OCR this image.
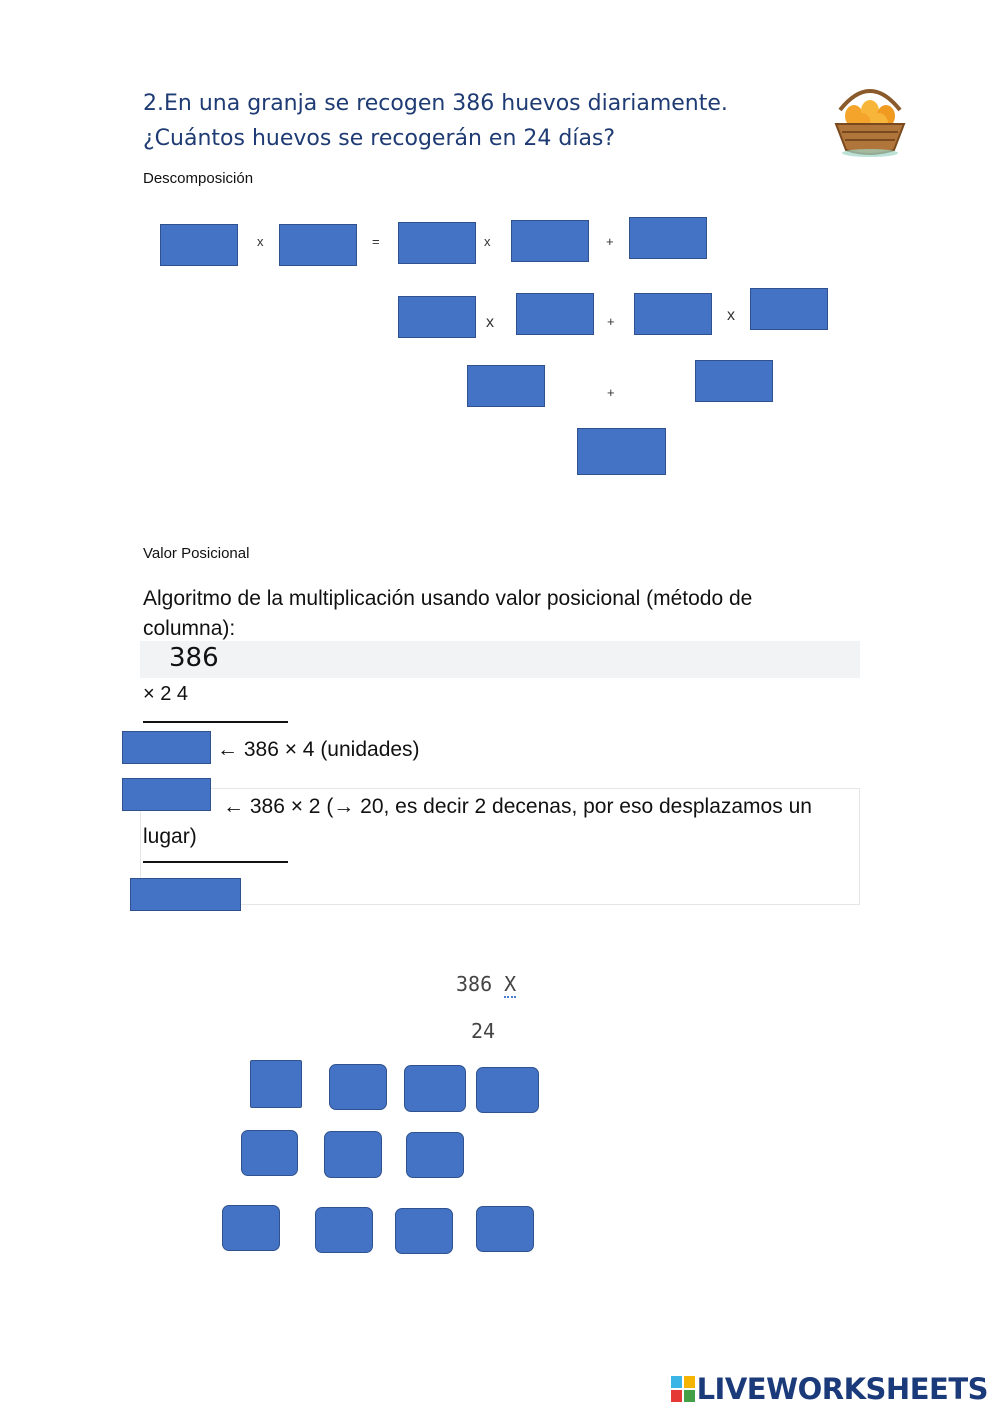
2.En una granja se recogen 386 huevos diariamente. ¿Cuántos huevos se recogerán en 24 días?
Descomposición
x	=	x	+
x	+	x
+
Valor Posicional
Algoritmo de la multiplicación usando valor posicional (método de columna):
386
× 2 4
← 386 × 4 (unidades)
← 386 × 2 (→ 20, es decir 2 decenas, por eso desplazamos un lugar)
386 X
24
LIVEWORKSHEETS
